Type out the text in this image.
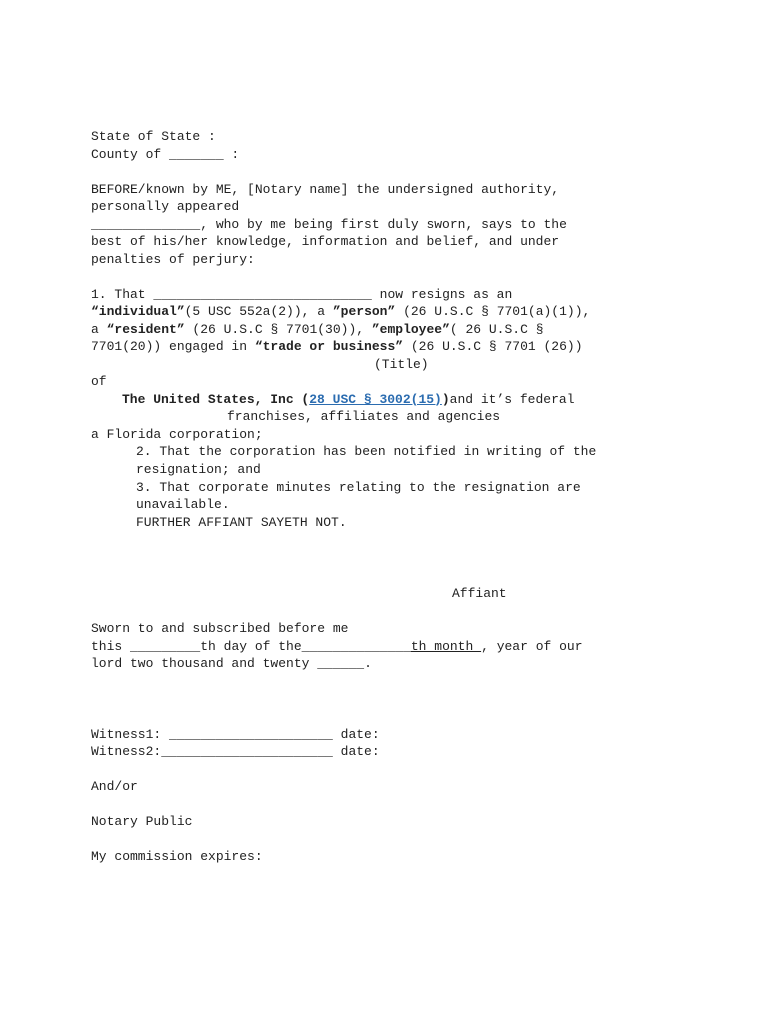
State of State :
County of _______ :
BEFORE/known by ME, [Notary name] the undersigned authority,
personally appeared
______________, who by me being first duly sworn, says to the
best of his/her knowledge, information and belief, and under
penalties of perjury:
1. That ____________________________ now resigns as an
“individual”(5 USC 552a(2)), a ”person” (26 U.S.C § 7701(a)(1)),
a “resident” (26 U.S.C § 7701(30)), ”employee”( 26 U.S.C §
7701(20)) engaged in “trade or business” (26 U.S.C § 7701 (26))
(Title)
of
The United States, Inc (28 USC § 3002(15))and it’s federal
franchises, affiliates and agencies
a Florida corporation;
2. That the corporation has been notified in writing of the
resignation; and
3. That corporate minutes relating to the resignation are
unavailable.
FURTHER AFFIANT SAYETH NOT.
Affiant
Sworn to and subscribed before me
this _________th day of the______________th month , year of our
lord two thousand and twenty ______.
Witness1: _____________________ date:
Witness2:______________________ date:
And/or
Notary Public
My commission expires:
